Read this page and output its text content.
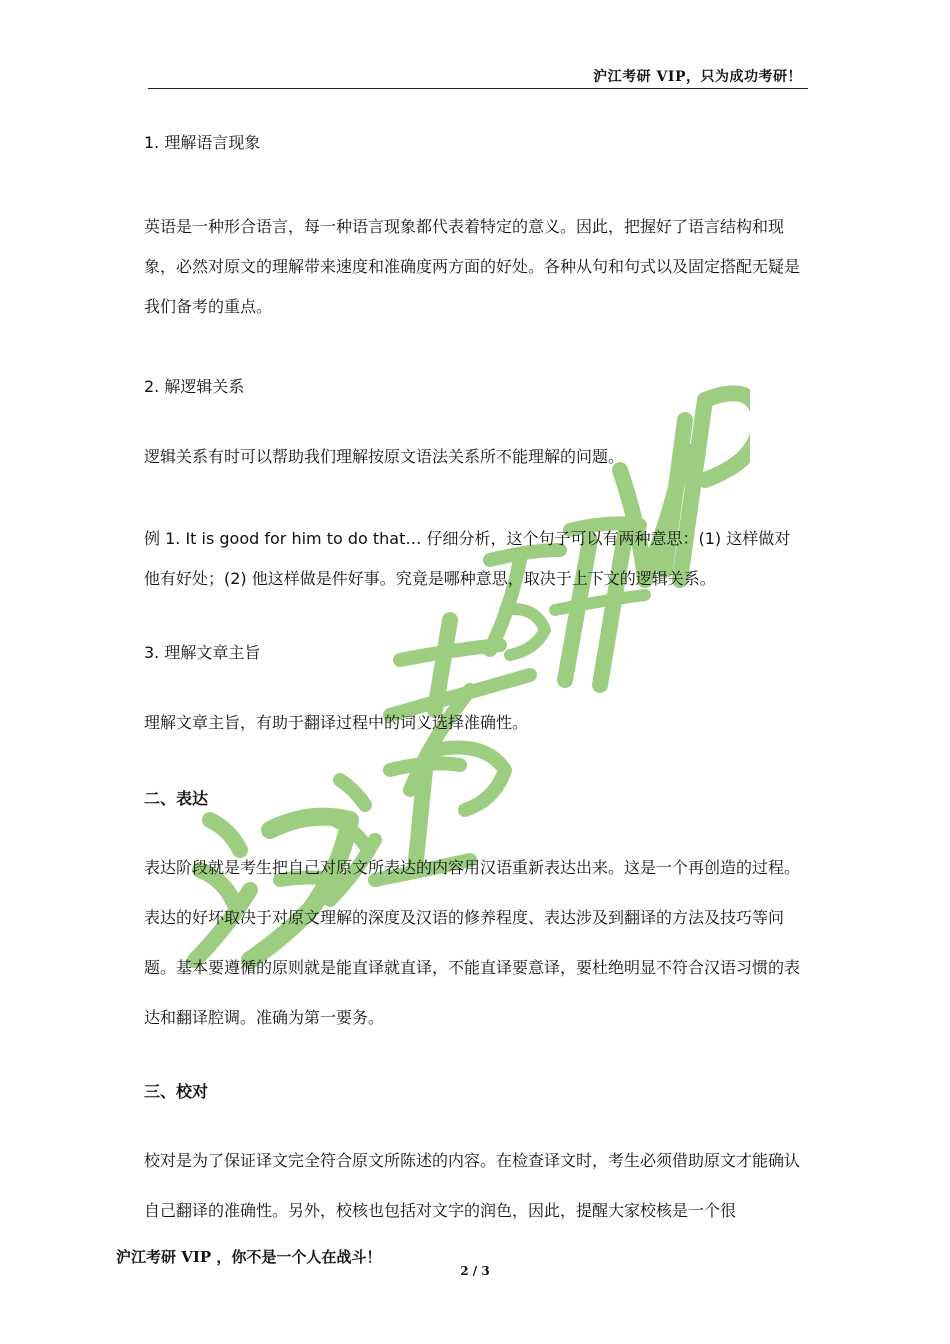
沪江考研 VIP，只为成功考研！
1. 理解语言现象
英语是一种形合语言，每一种语言现象都代表着特定的意义。因此，把握好了语言结构和现象，必然对原文的理解带来速度和准确度两方面的好处。各种从句和句式以及固定搭配无疑是我们备考的重点。
2. 解逻辑关系
逻辑关系有时可以帮助我们理解按原文语法关系所不能理解的问题。
例 1. It is good for him to do that… 仔细分析，这个句子可以有两种意思：(1) 这样做对他有好处；(2) 他这样做是件好事。究竟是哪种意思，取决于上下文的逻辑关系。
3. 理解文章主旨
理解文章主旨，有助于翻译过程中的词义选择准确性。
二、表达
表达阶段就是考生把自己对原文所表达的内容用汉语重新表达出来。这是一个再创造的过程。表达的好坏取决于对原文理解的深度及汉语的修养程度、表达涉及到翻译的方法及技巧等问题。基本要遵循的原则就是能直译就直译，不能直译要意译，要杜绝明显不符合汉语习惯的表达和翻译腔调。准确为第一要务。
三、校对
校对是为了保证译文完全符合原文所陈述的内容。在检查译文时，考生必须借助原文才能确认自己翻译的准确性。另外，校核也包括对文字的润色，因此，提醒大家校核是一个很
沪江考研 VIP ，你不是一个人在战斗！
2 / 3
